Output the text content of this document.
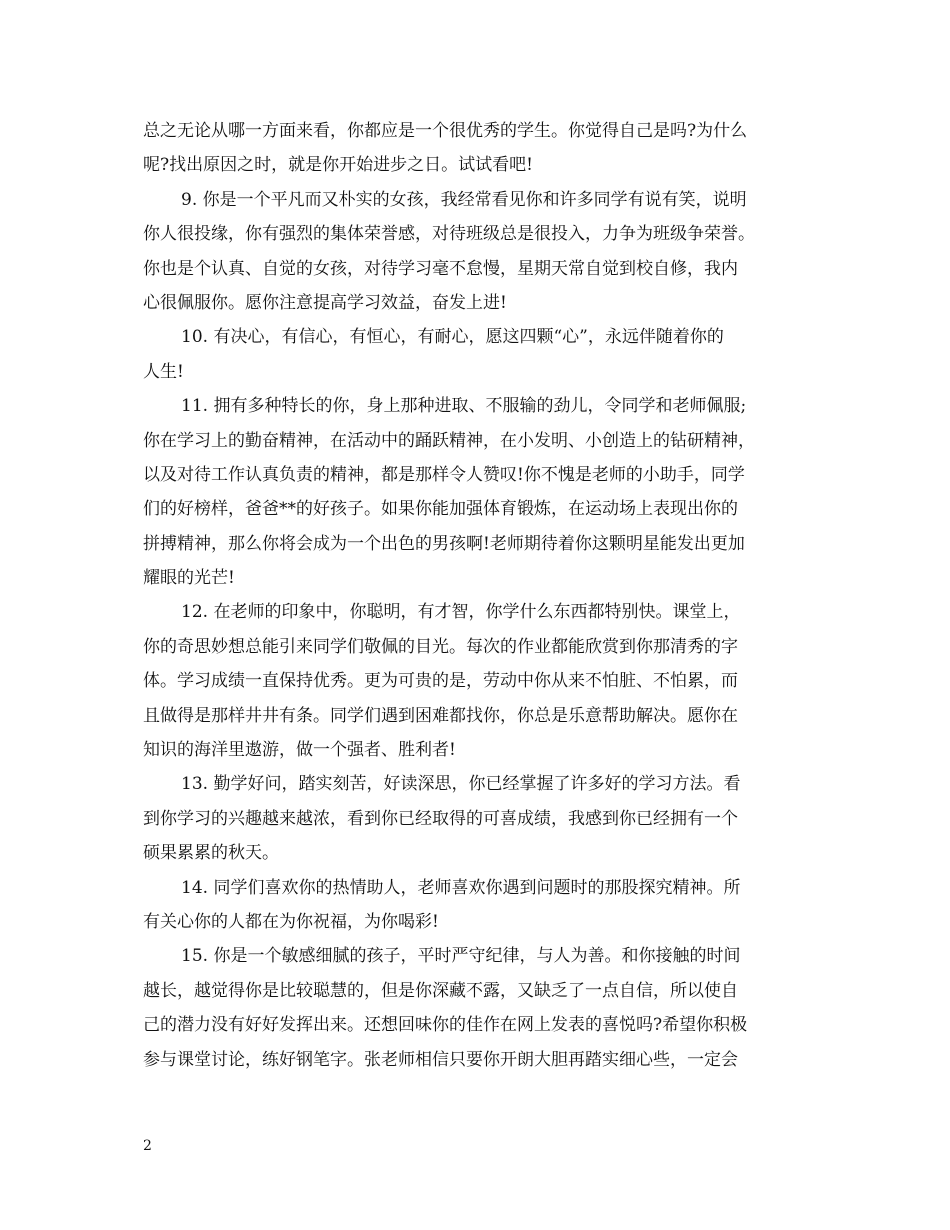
总之无论从哪一方面来看，你都应是一个很优秀的学生。你觉得自己是吗?为什么
呢?找出原因之时，就是你开始进步之日。试试看吧!
9. 你是一个平凡而又朴实的女孩，我经常看见你和许多同学有说有笑，说明
你人很投缘，你有强烈的集体荣誉感，对待班级总是很投入，力争为班级争荣誉。
你也是个认真、自觉的女孩，对待学习毫不怠慢，星期天常自觉到校自修，我内
心很佩服你。愿你注意提高学习效益，奋发上进!
10. 有决心，有信心，有恒心，有耐心，愿这四颗“心”，永远伴随着你的
人生!
11. 拥有多种特长的你，身上那种进取、不服输的劲儿，令同学和老师佩服;
你在学习上的勤奋精神，在活动中的踊跃精神，在小发明、小创造上的钻研精神，
以及对待工作认真负责的精神，都是那样令人赞叹!你不愧是老师的小助手，同学
们的好榜样，爸爸**的好孩子。如果你能加强体育锻炼，在运动场上表现出你的
拼搏精神，那么你将会成为一个出色的男孩啊!老师期待着你这颗明星能发出更加
耀眼的光芒!
12. 在老师的印象中，你聪明，有才智，你学什么东西都特别快。课堂上，
你的奇思妙想总能引来同学们敬佩的目光。每次的作业都能欣赏到你那清秀的字
体。学习成绩一直保持优秀。更为可贵的是，劳动中你从来不怕脏、不怕累，而
且做得是那样井井有条。同学们遇到困难都找你，你总是乐意帮助解决。愿你在
知识的海洋里遨游，做一个强者、胜利者!
13. 勤学好问，踏实刻苦，好读深思，你已经掌握了许多好的学习方法。看
到你学习的兴趣越来越浓，看到你已经取得的可喜成绩，我感到你已经拥有一个
硕果累累的秋天。
14. 同学们喜欢你的热情助人，老师喜欢你遇到问题时的那股探究精神。所
有关心你的人都在为你祝福，为你喝彩!
15. 你是一个敏感细腻的孩子，平时严守纪律，与人为善。和你接触的时间
越长，越觉得你是比较聪慧的，但是你深藏不露，又缺乏了一点自信，所以使自
己的潜力没有好好发挥出来。还想回味你的佳作在网上发表的喜悦吗?希望你积极
参与课堂讨论，练好钢笔字。张老师相信只要你开朗大胆再踏实细心些，一定会
2
